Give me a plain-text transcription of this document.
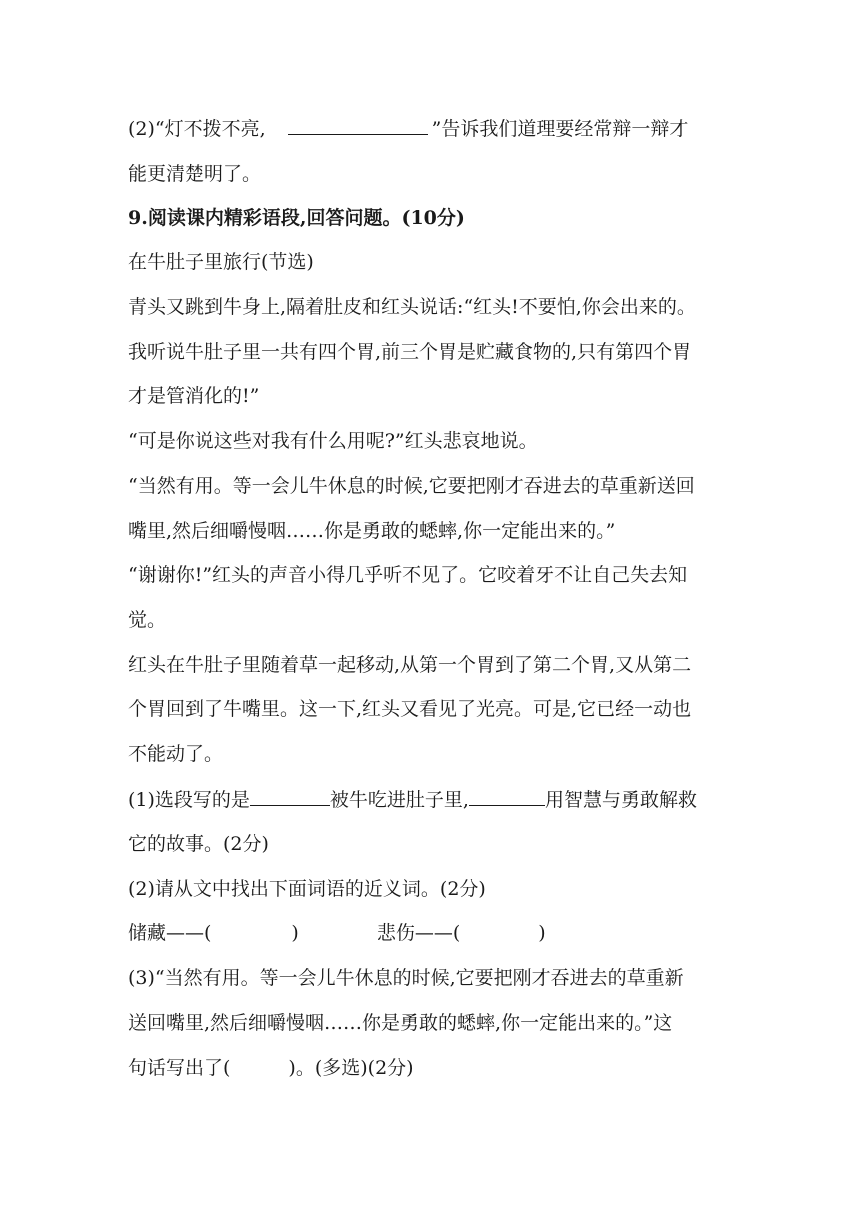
(2)“灯不拨不亮,	”告诉我们道理要经常辩一辩才
能更清楚明了。
9.阅读课内精彩语段,回答问题。(10分)
在牛肚子里旅行(节选)
青头又跳到牛身上,隔着肚皮和红头说话:“红头!不要怕,你会出来的。
我听说牛肚子里一共有四个胃,前三个胃是贮藏食物的,只有第四个胃
才是管消化的!”
“可是你说这些对我有什么用呢?”红头悲哀地说。
“当然有用。等一会儿牛休息的时候,它要把刚才吞进去的草重新送回
嘴里,然后细嚼慢咽……你是勇敢的蟋蟀,你一定能出来的。”
“谢谢你!”红头的声音小得几乎听不见了。它咬着牙不让自己失去知
觉。
红头在牛肚子里随着草一起移动,从第一个胃到了第二个胃,又从第二
个胃回到了牛嘴里。这一下,红头又看见了光亮。可是,它已经一动也
不能动了。
(1)选段写的是	被牛吃进肚子里,	用智慧与勇敢解救
它的故事。(2分)
(2)请从文中找出下面词语的近义词。(2分)
储藏——(	)	悲伤——(	)
(3)“当然有用。等一会儿牛休息的时候,它要把刚才吞进去的草重新
送回嘴里,然后细嚼慢咽……你是勇敢的蟋蟀,你一定能出来的。”这
句话写出了(	)。(多选)(2分)
